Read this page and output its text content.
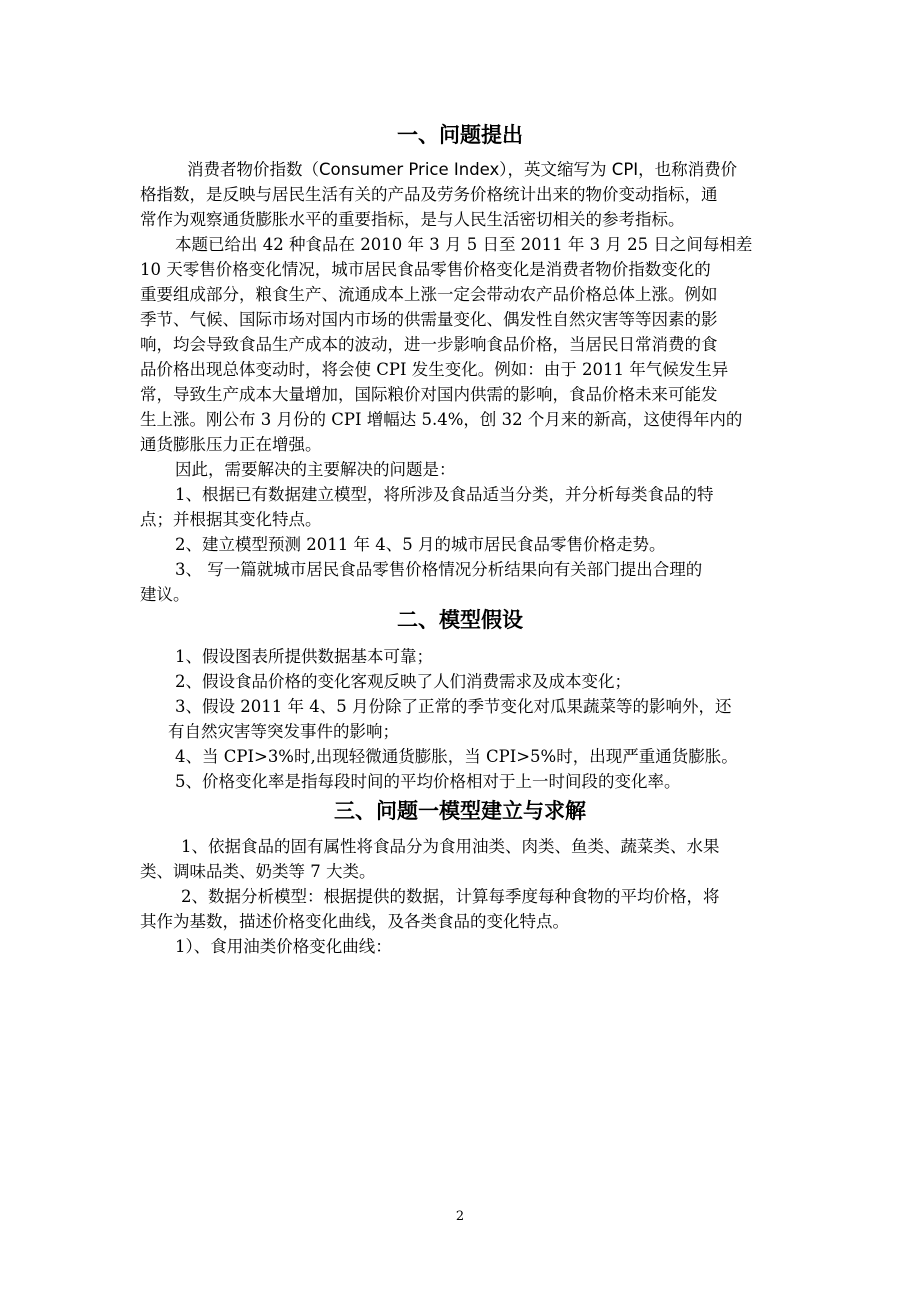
一、问题提出
消费者物价指数（Consumer Price Index），英文缩写为 CPI，也称消费价
格指数，是反映与居民生活有关的产品及劳务价格统计出来的物价变动指标，通
常作为观察通货膨胀水平的重要指标，是与人民生活密切相关的参考指标。
本题已给出 42 种食品在 2010 年 3 月 5 日至 2011 年 3 月 25 日之间每相差
10 天零售价格变化情况，城市居民食品零售价格变化是消费者物价指数变化的
重要组成部分，粮食生产、流通成本上涨一定会带动农产品价格总体上涨。例如
季节、气候、国际市场对国内市场的供需量变化、偶发性自然灾害等等因素的影
响，均会导致食品生产成本的波动，进一步影响食品价格，当居民日常消费的食
品价格出现总体变动时，将会使 CPI 发生变化。例如：由于 2011 年气候发生异
常，导致生产成本大量增加，国际粮价对国内供需的影响，食品价格未来可能发
生上涨。刚公布 3 月份的 CPI 增幅达 5.4%，创 32 个月来的新高，这使得年内的
通货膨胀压力正在增强。
因此，需要解决的主要解决的问题是：
1、根据已有数据建立模型，将所涉及食品适当分类，并分析每类食品的特
点；并根据其变化特点。
2、建立模型预测 2011 年 4、5 月的城市居民食品零售价格走势。
3、 写一篇就城市居民食品零售价格情况分析结果向有关部门提出合理的
建议。
二、模型假设
1、假设图表所提供数据基本可靠；
2、假设食品价格的变化客观反映了人们消费需求及成本变化；
3、假设 2011 年 4、5 月份除了正常的季节变化对瓜果蔬菜等的影响外，还
有自然灾害等突发事件的影响；
4、当 CPI>3%时,出现轻微通货膨胀，当 CPI>5%时，出现严重通货膨胀。
5、价格变化率是指每段时间的平均价格相对于上一时间段的变化率。
三、问题一模型建立与求解
1、依据食品的固有属性将食品分为食用油类、肉类、鱼类、蔬菜类、水果
类、调味品类、奶类等 7 大类。
2、数据分析模型：根据提供的数据，计算每季度每种食物的平均价格，将
其作为基数，描述价格变化曲线，及各类食品的变化特点。
1）、食用油类价格变化曲线：
2
